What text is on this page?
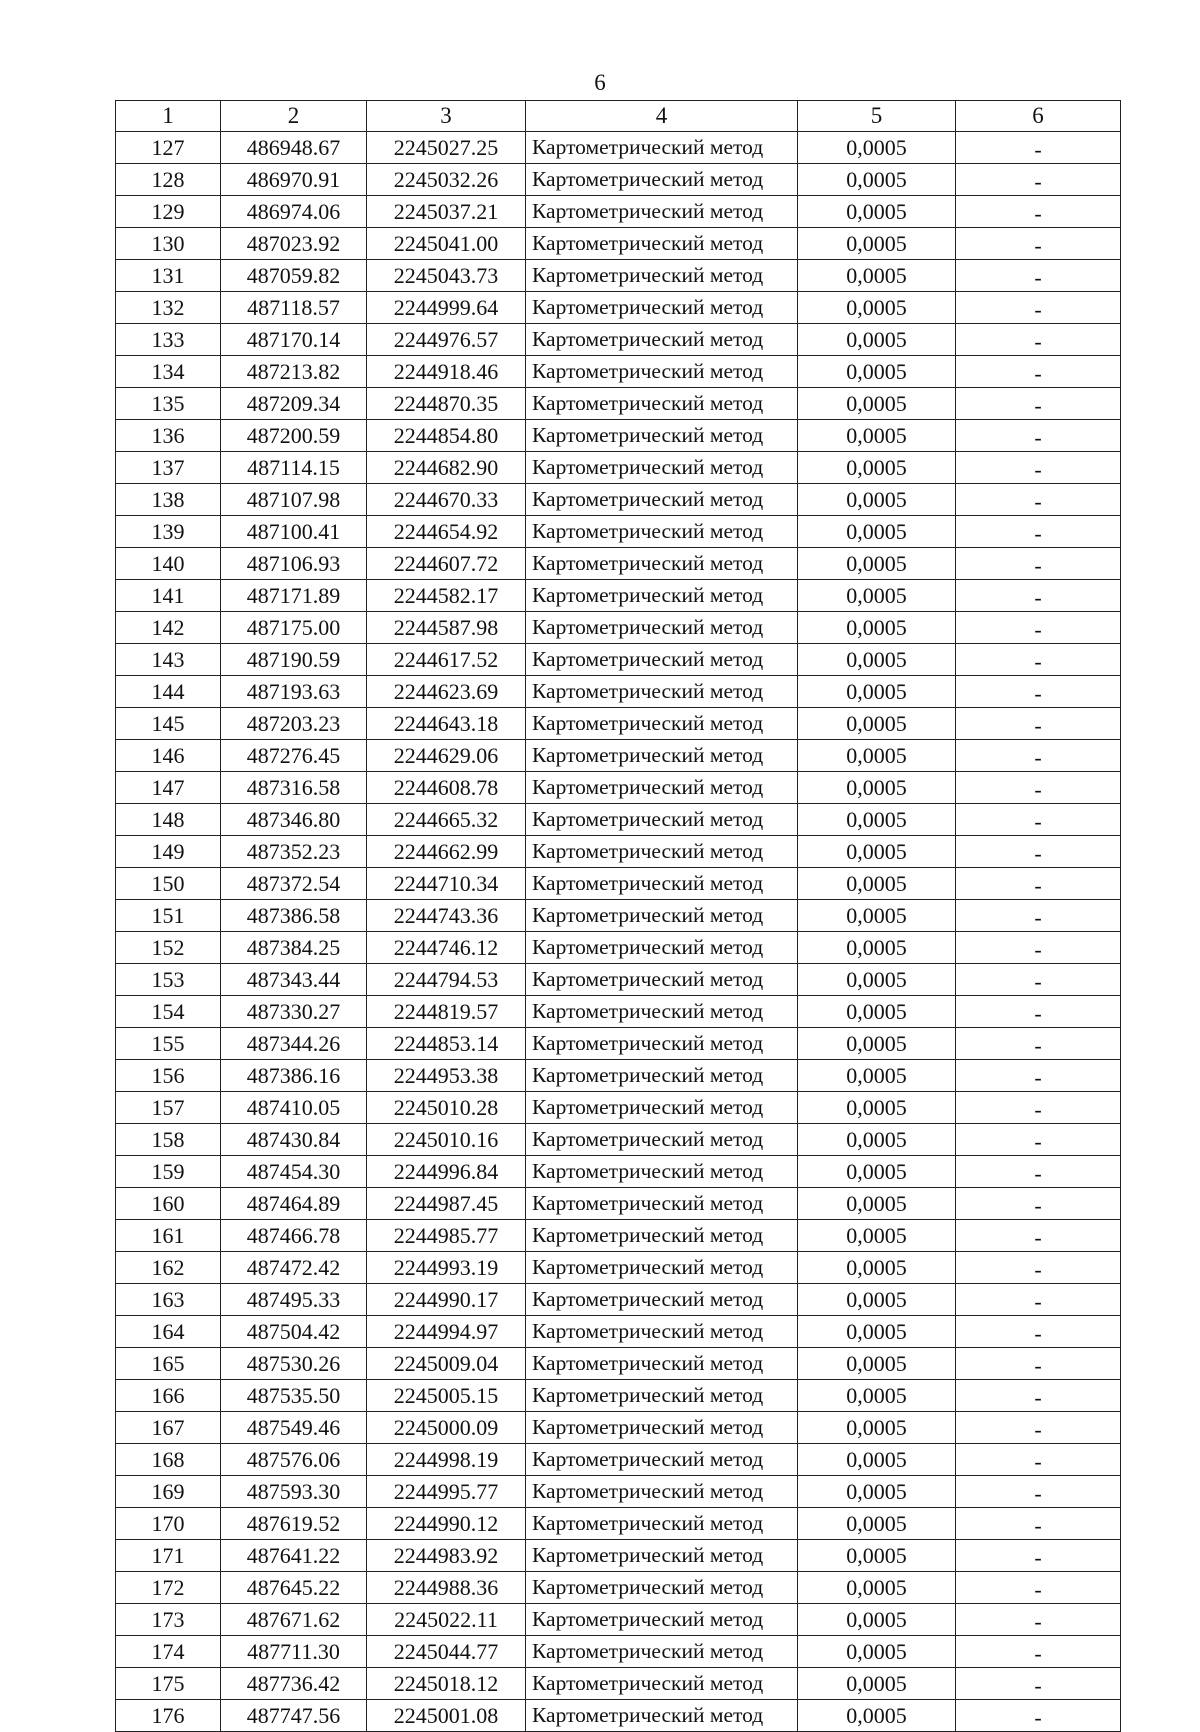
6
1	2	3	4	5	6
127	486948.67	2245027.25	Картометрический метод	0,0005	-
128	486970.91	2245032.26	Картометрический метод	0,0005	-
129	486974.06	2245037.21	Картометрический метод	0,0005	-
130	487023.92	2245041.00	Картометрический метод	0,0005	-
131	487059.82	2245043.73	Картометрический метод	0,0005	-
132	487118.57	2244999.64	Картометрический метод	0,0005	-
133	487170.14	2244976.57	Картометрический метод	0,0005	-
134	487213.82	2244918.46	Картометрический метод	0,0005	-
135	487209.34	2244870.35	Картометрический метод	0,0005	-
136	487200.59	2244854.80	Картометрический метод	0,0005	-
137	487114.15	2244682.90	Картометрический метод	0,0005	-
138	487107.98	2244670.33	Картометрический метод	0,0005	-
139	487100.41	2244654.92	Картометрический метод	0,0005	-
140	487106.93	2244607.72	Картометрический метод	0,0005	-
141	487171.89	2244582.17	Картометрический метод	0,0005	-
142	487175.00	2244587.98	Картометрический метод	0,0005	-
143	487190.59	2244617.52	Картометрический метод	0,0005	-
144	487193.63	2244623.69	Картометрический метод	0,0005	-
145	487203.23	2244643.18	Картометрический метод	0,0005	-
146	487276.45	2244629.06	Картометрический метод	0,0005	-
147	487316.58	2244608.78	Картометрический метод	0,0005	-
148	487346.80	2244665.32	Картометрический метод	0,0005	-
149	487352.23	2244662.99	Картометрический метод	0,0005	-
150	487372.54	2244710.34	Картометрический метод	0,0005	-
151	487386.58	2244743.36	Картометрический метод	0,0005	-
152	487384.25	2244746.12	Картометрический метод	0,0005	-
153	487343.44	2244794.53	Картометрический метод	0,0005	-
154	487330.27	2244819.57	Картометрический метод	0,0005	-
155	487344.26	2244853.14	Картометрический метод	0,0005	-
156	487386.16	2244953.38	Картометрический метод	0,0005	-
157	487410.05	2245010.28	Картометрический метод	0,0005	-
158	487430.84	2245010.16	Картометрический метод	0,0005	-
159	487454.30	2244996.84	Картометрический метод	0,0005	-
160	487464.89	2244987.45	Картометрический метод	0,0005	-
161	487466.78	2244985.77	Картометрический метод	0,0005	-
162	487472.42	2244993.19	Картометрический метод	0,0005	-
163	487495.33	2244990.17	Картометрический метод	0,0005	-
164	487504.42	2244994.97	Картометрический метод	0,0005	-
165	487530.26	2245009.04	Картометрический метод	0,0005	-
166	487535.50	2245005.15	Картометрический метод	0,0005	-
167	487549.46	2245000.09	Картометрический метод	0,0005	-
168	487576.06	2244998.19	Картометрический метод	0,0005	-
169	487593.30	2244995.77	Картометрический метод	0,0005	-
170	487619.52	2244990.12	Картометрический метод	0,0005	-
171	487641.22	2244983.92	Картометрический метод	0,0005	-
172	487645.22	2244988.36	Картометрический метод	0,0005	-
173	487671.62	2245022.11	Картометрический метод	0,0005	-
174	487711.30	2245044.77	Картометрический метод	0,0005	-
175	487736.42	2245018.12	Картометрический метод	0,0005	-
176	487747.56	2245001.08	Картометрический метод	0,0005	-
